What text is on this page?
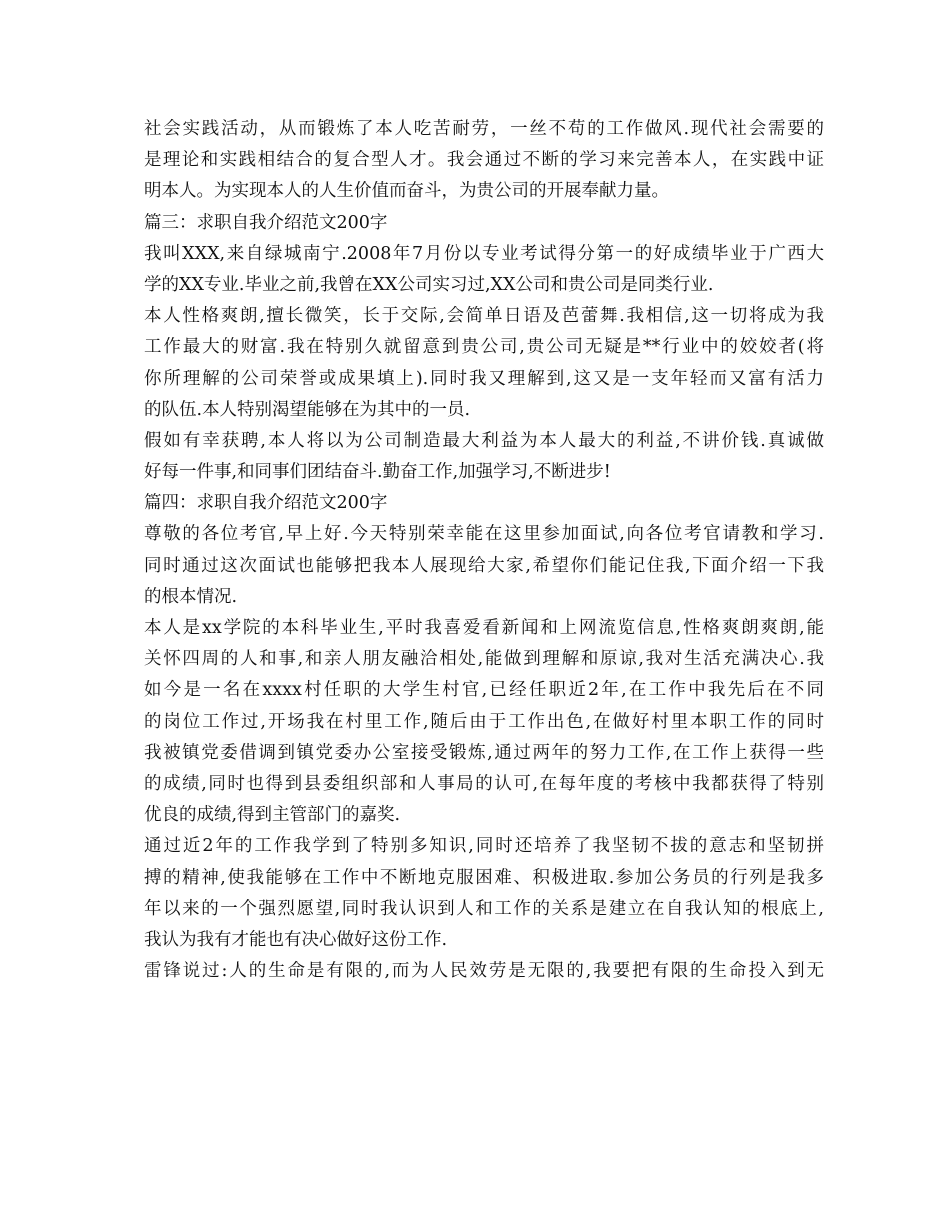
社会实践活动，从而锻炼了本人吃苦耐劳，一丝不苟的工作做风.现代社会需要的
是理论和实践相结合的复合型人才。我会通过不断的学习来完善本人，在实践中证
明本人。为实现本人的人生价值而奋斗，为贵公司的开展奉献力量。
篇三：求职自我介绍范文200字
我叫XXX,来自绿城南宁.2008年7月份以专业考试得分第一的好成绩毕业于广西大
学的XX专业.毕业之前,我曾在XX公司实习过,XX公司和贵公司是同类行业.
本人性格爽朗,擅长微笑，长于交际,会简单日语及芭蕾舞.我相信,这一切将成为我
工作最大的财富.我在特别久就留意到贵公司,贵公司无疑是**行业中的姣姣者(将
你所理解的公司荣誉或成果填上).同时我又理解到,这又是一支年轻而又富有活力
的队伍.本人特别渴望能够在为其中的一员.
假如有幸获聘,本人将以为公司制造最大利益为本人最大的利益,不讲价钱.真诚做
好每一件事,和同事们团结奋斗.勤奋工作,加强学习,不断进步!
篇四：求职自我介绍范文200字
尊敬的各位考官,早上好.今天特别荣幸能在这里参加面试,向各位考官请教和学习.
同时通过这次面试也能够把我本人展现给大家,希望你们能记住我,下面介绍一下我
的根本情况.
本人是xx学院的本科毕业生,平时我喜爱看新闻和上网流览信息,性格爽朗爽朗,能
关怀四周的人和事,和亲人朋友融洽相处,能做到理解和原谅,我对生活充满决心.我
如今是一名在xxxx村任职的大学生村官,已经任职近2年,在工作中我先后在不同
的岗位工作过,开场我在村里工作,随后由于工作出色,在做好村里本职工作的同时
我被镇党委借调到镇党委办公室接受锻炼,通过两年的努力工作,在工作上获得一些
的成绩,同时也得到县委组织部和人事局的认可,在每年度的考核中我都获得了特别
优良的成绩,得到主管部门的嘉奖.
通过近2年的工作我学到了特别多知识,同时还培养了我坚韧不拔的意志和坚韧拼
搏的精神,使我能够在工作中不断地克服困难、积极进取.参加公务员的行列是我多
年以来的一个强烈愿望,同时我认识到人和工作的关系是建立在自我认知的根底上,
我认为我有才能也有决心做好这份工作.
雷锋说过:人的生命是有限的,而为人民效劳是无限的,我要把有限的生命投入到无
